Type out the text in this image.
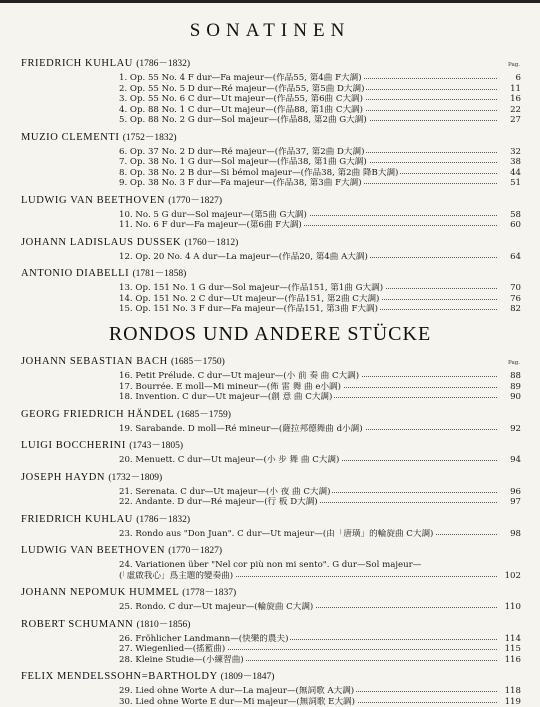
SONATINEN
Pag.
FRIEDRICH KUHLAU (1786－1832)
1. Op. 55 No. 4 F dur—Fa majeur—(作品55, 第4曲 F大調)	6
2. Op. 55 No. 5 D dur—Ré majeur—(作品55, 第5曲 D大調)	11
3. Op. 55 No. 6 C dur—Ut majeur—(作品55, 第6曲 C大調)	16
4. Op. 88 No. 1 C dur—Ut majeur—(作品88, 第1曲 C大調)	22
5. Op. 88 No. 2 G dur—Sol majeur—(作品88, 第2曲 G大調)	27
MUZIO CLEMENTI (1752－1832)
6. Op. 37 No. 2 D dur—Ré majeur—(作品37, 第2曲 D大調)	32
7. Op. 38 No. 1 G dur—Sol majeur—(作品38, 第1曲 G大調)	38
8. Op. 38 No. 2 B dur—Si bémol majeur—(作品38, 第2曲 降B大調)	44
9. Op. 38 No. 3 F dur—Fa majeur—(作品38, 第3曲 F大調)	51
LUDWIG VAN BEETHOVEN (1770－1827)
10. No. 5 G dur—Sol majeur—(第5曲 G大調)	58
11. No. 6 F dur—Fa majeur—(第6曲 F大調)	60
JOHANN LADISLAUS DUSSEK (1760－1812)
12. Op. 20 No. 4 A dur—La majeur—(作品20, 第4曲 A大調)	64
ANTONIO DIABELLI (1781－1858)
13. Op. 151 No. 1 G dur—Sol majeur—(作品151, 第1曲 G大調)	70
14. Op. 151 No. 2 C dur—Ut majeur—(作品151, 第2曲 C大調)	76
15. Op. 151 No. 3 F dur—Fa majeur—(作品151, 第3曲 F大調)	82
RONDOS UND ANDERE STÜCKE
Pag.
JOHANN SEBASTIAN BACH (1685－1750)
16. Petit Prélude. C dur—Ut majeur—(小 前 奏 曲 C大調)	88
17. Bourrée. E moll—Mi mineur—(佈 雷 舞 曲 e小調)	89
18. Invention. C dur—Ut majeur—(創 意 曲 C大調)	90
GEORG FRIEDRICH HÄNDEL (1685－1759)
19. Sarabande. D moll—Ré mineur—(薩拉邦德舞曲 d小調)	92
LUIGI BOCCHERINI (1743－1805)
20. Menuett. C dur—Ut majeur—(小 步 舞 曲 C大調)	94
JOSEPH HAYDN (1732－1809)
21. Serenata. C dur—Ut majeur—(小 夜 曲 C大調)	96
22. Andante. D dur—Ré majeur—(行 板 D大調)	97
FRIEDRICH KUHLAU (1786－1832)
23. Rondo aus "Don Juan". C dur—Ut majeur—(由「唐璜」的輪旋曲 C大調)	98
LUDWIG VAN BEETHOVEN (1770－1827)
24. Variationen über "Nel cor più non mi sento". G dur—Sol majeur—
(「虛啟我心」爲主題的變奏曲)	102
JOHANN NEPOMUK HUMMEL (1778－1837)
25. Rondo. C dur—Ut majeur—(輪旋曲 C大調)	110
ROBERT SCHUMANN (1810－1856)
26. Fröhlicher Landmann—(快樂的農夫)	114
27. Wiegenlied—(搖籃曲)	115
28. Kleine Studie—(小練習曲)	116
FELIX MENDELSSOHN=BARTHOLDY (1809－1847)
29. Lied ohne Worte A dur—La majeur—(無詞歌 A大調)	118
30. Lied ohne Worte E dur—Mi majeur—(無詞歌 E大調)	119
